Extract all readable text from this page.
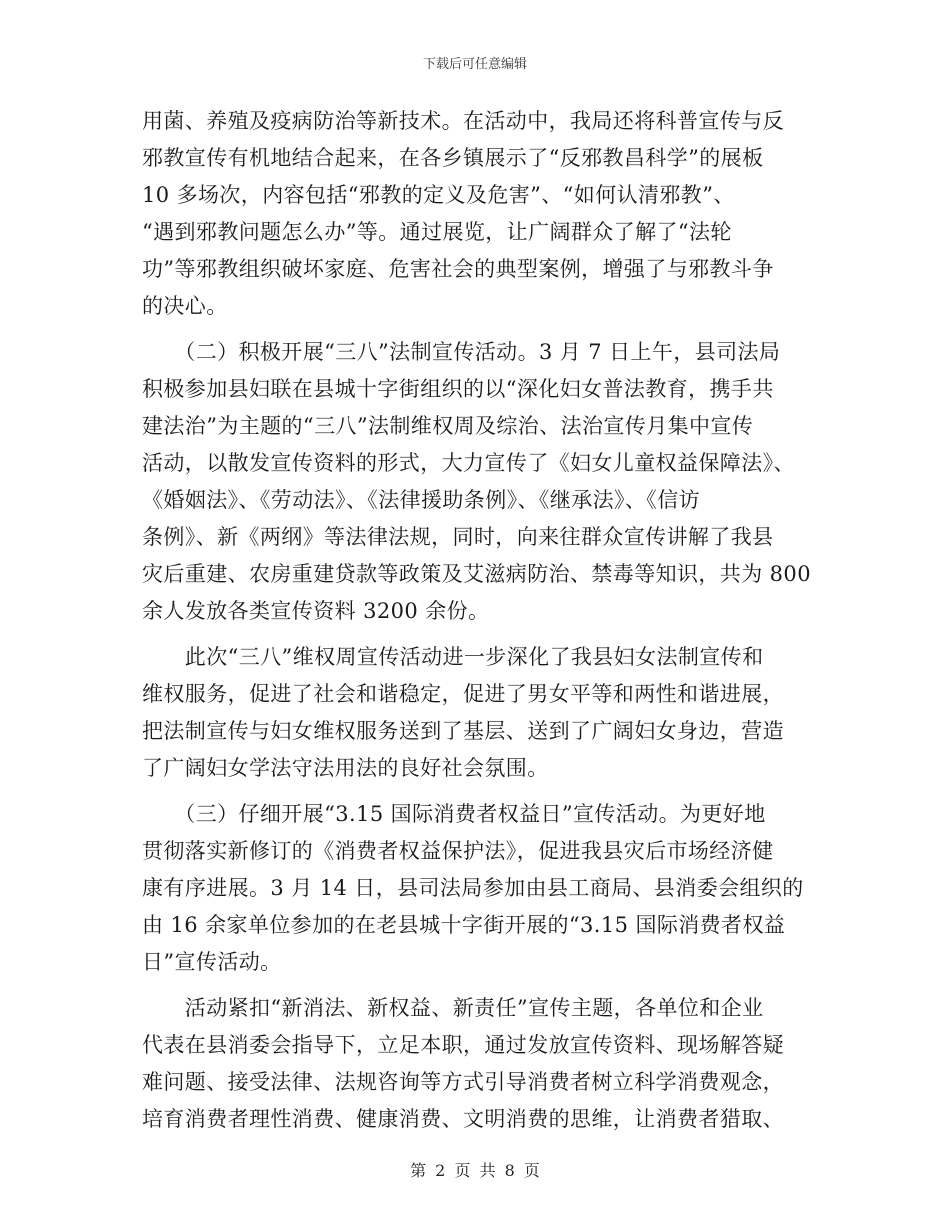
下载后可任意编辑
用菌、养殖及疫病防治等新技术。在活动中，我局还将科普宣传与反
邪教宣传有机地结合起来，在各乡镇展示了“反邪教昌科学”的展板
10 多场次，内容包括“邪教的定义及危害”、“如何认清邪教”、
“遇到邪教问题怎么办”等。通过展览，让广阔群众了解了“法轮
功”等邪教组织破坏家庭、危害社会的典型案例，增强了与邪教斗争
的决心。
　　（二）积极开展“三八”法制宣传活动。3 月 7 日上午，县司法局
积极参加县妇联在县城十字街组织的以“深化妇女普法教育，携手共
建法治”为主题的“三八”法制维权周及综治、法治宣传月集中宣传
活动，以散发宣传资料的形式，大力宣传了《妇女儿童权益保障法》、
《婚姻法》、《劳动法》、《法律援助条例》、《继承法》、《信访
条例》、新《两纲》等法律法规，同时，向来往群众宣传讲解了我县
灾后重建、农房重建贷款等政策及艾滋病防治、禁毒等知识，共为 800
余人发放各类宣传资料 3200 余份。
　　此次“三八”维权周宣传活动进一步深化了我县妇女法制宣传和
维权服务，促进了社会和谐稳定，促进了男女平等和两性和谐进展，
把法制宣传与妇女维权服务送到了基层、送到了广阔妇女身边，营造
了广阔妇女学法守法用法的良好社会氛围。
　　（三）仔细开展“3.15 国际消费者权益日”宣传活动。为更好地
贯彻落实新修订的《消费者权益保护法》，促进我县灾后市场经济健
康有序进展。3 月 14 日，县司法局参加由县工商局、县消委会组织的
由 16 余家单位参加的在老县城十字街开展的“3.15 国际消费者权益
日”宣传活动。
　　活动紧扣“新消法、新权益、新责任”宣传主题，各单位和企业
代表在县消委会指导下，立足本职，通过发放宣传资料、现场解答疑
难问题、接受法律、法规咨询等方式引导消费者树立科学消费观念，
培育消费者理性消费、健康消费、文明消费的思维，让消费者猎取、
第 2 页 共 8 页
